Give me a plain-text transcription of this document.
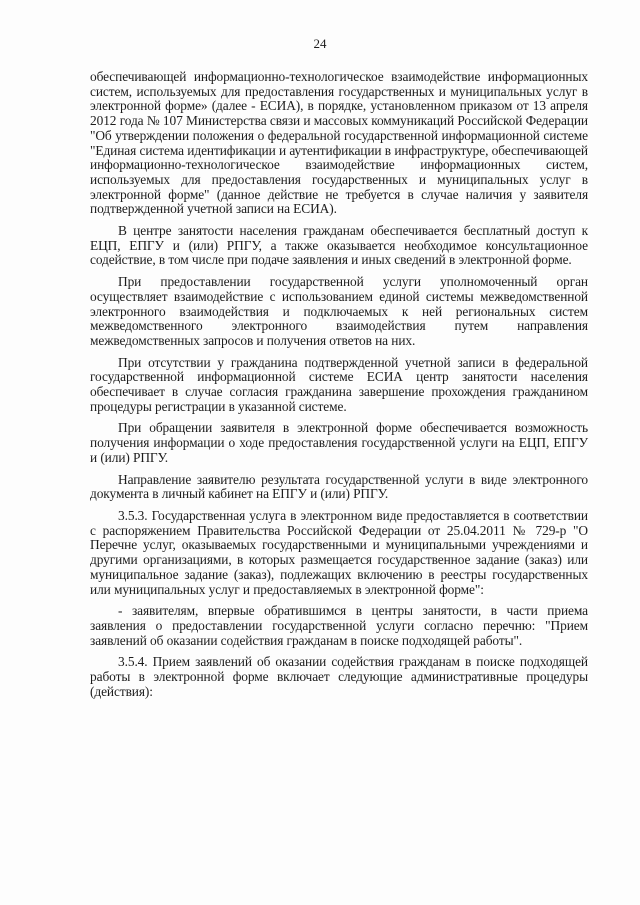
24

обеспечивающей информационно-технологическое взаимодействие информационных систем, используемых для предоставления государственных и муниципальных услуг в электронной форме» (далее - ЕСИА), в порядке, установленном приказом от 13 апреля 2012 года № 107 Министерства связи и массовых коммуникаций Российской Федерации "Об утверждении положения о федеральной государственной информационной системе "Единая система идентификации и аутентификации в инфраструктуре, обеспечивающей информационно-технологическое взаимодействие информационных систем, используемых для предоставления государственных и муниципальных услуг в электронной форме" (данное действие не требуется в случае наличия у заявителя подтвержденной учетной записи на ЕСИА).

В центре занятости населения гражданам обеспечивается бесплатный доступ к ЕЦП, ЕПГУ и (или) РПГУ, а также оказывается необходимое консультационное содействие, в том числе при подаче заявления и иных сведений в электронной форме.

При предоставлении государственной услуги уполномоченный орган осуществляет взаимодействие с использованием единой системы межведомственной электронного взаимодействия и подключаемых к ней региональных систем межведомственного электронного взаимодействия путем направления межведомственных запросов и получения ответов на них.

При отсутствии у гражданина подтвержденной учетной записи в федеральной государственной информационной системе ЕСИА центр занятости населения обеспечивает в случае согласия гражданина завершение прохождения гражданином процедуры регистрации в указанной системе.

При обращении заявителя в электронной форме обеспечивается возможность получения информации о ходе предоставления государственной услуги на ЕЦП, ЕПГУ и (или) РПГУ.

Направление заявителю результата государственной услуги в виде электронного документа в личный кабинет на ЕПГУ и (или) РПГУ.

3.5.3. Государственная услуга в электронном виде предоставляется в соответствии с распоряжением Правительства Российской Федерации от 25.04.2011 № 729-р "О Перечне услуг, оказываемых государственными и муниципальными учреждениями и другими организациями, в которых размещается государственное задание (заказ) или муниципальное задание (заказ), подлежащих включению в реестры государственных или муниципальных услуг и предоставляемых в электронной форме":

- заявителям, впервые обратившимся в центры занятости, в части приема заявления о предоставлении государственной услуги согласно перечню: "Прием заявлений об оказании содействия гражданам в поиске подходящей работы".

3.5.4. Прием заявлений об оказании содействия гражданам в поиске подходящей работы в электронной форме включает следующие административные процедуры (действия):
